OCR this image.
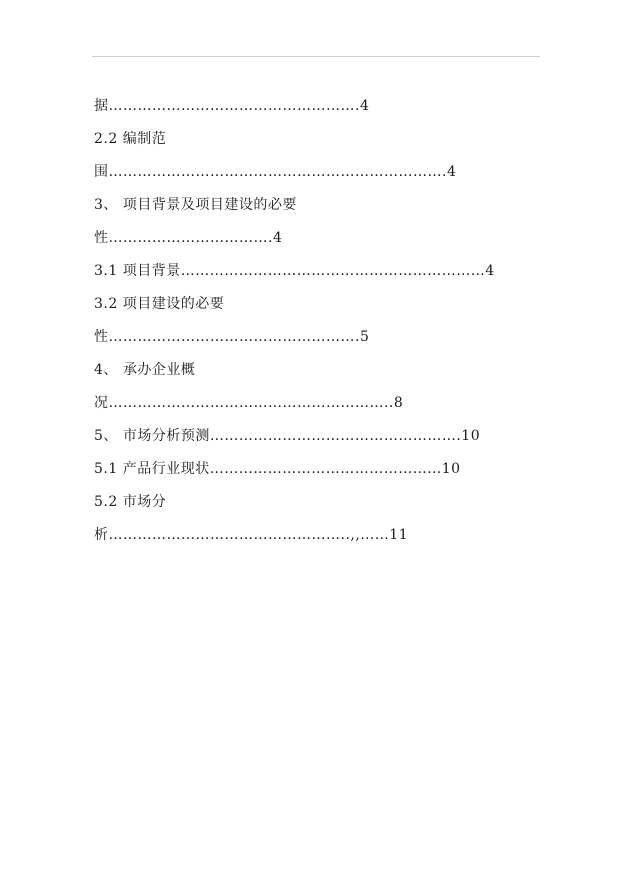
据…………………………………………….4
2.2 编制范
围…………………………………………………………….4
3、 项目背景及项目建设的必要
性…………………………….4
3.1 项目背景………………………………………………………4
3.2 项目建设的必要
性…………………………………………….5
4、 承办企业概
况…………………………………………………..8
5、 市场分析预测…………………………………………….10
5.1 产品行业现状…………………………………………10
5.2 市场分
析…………………………………………..,,……11
